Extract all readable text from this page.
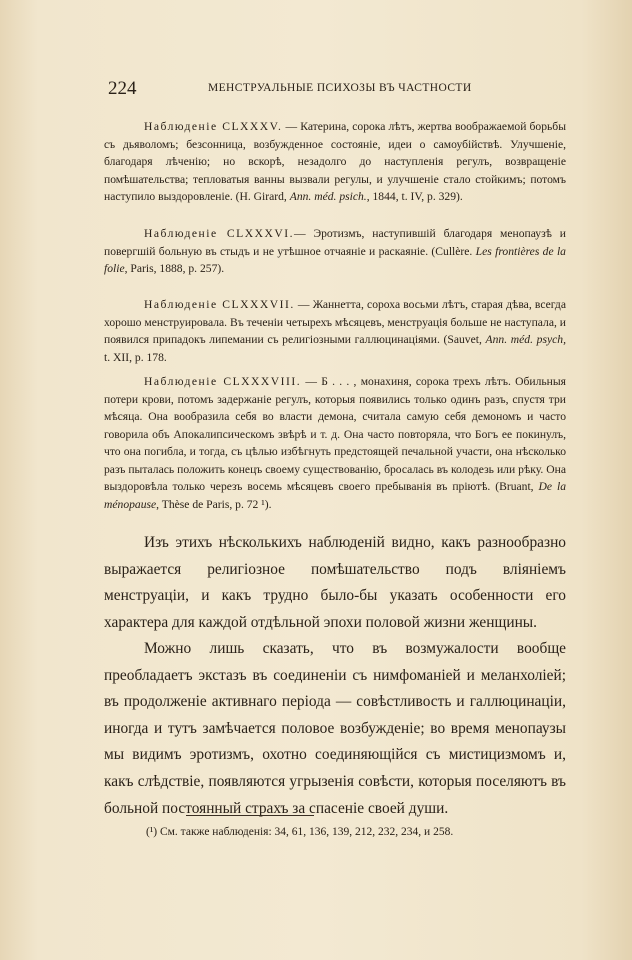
224	МЕНСТРУАЛЬНЫЕ ПСИХОЗЫ ВЪ ЧАСТНОСТИ

Наблюденie CLXXXV. — Катерина, сорока лѣтъ, жертва воображаемой борьбы съ дьяволомъ; безсонница, возбужденное состоянiе, идеи о самоубiйствѣ. Улучшенie, благодаря лѣченiю; но вскорѣ, незадолго до наступленiя регулъ, возвращенiе помѣшательства; тепловатыя ванны вызвали регулы, и улучшенiе стало стойкимъ; потомъ наступило выздоровленiе. (H. Girard, Ann. méd. psich., 1844, t. IV, p. 329).

Наблюденie CLXXXVI.— Эротизмъ, наступившiй благодаря менопаузѣ и повергшiй больную въ стыдъ и не утѣшное отчаянiе и раскаянiе. (Cullère. Les frontières de la folie, Paris, 1888, p. 257).

Наблюденie CLXXXVII. — Жаннетта, сороха восьми лѣтъ, старая дѣва, всегда хорошо менструировала. Въ теченiи четырехъ мѣсяцевъ, менструацiя больше не наступала, и появился припадокъ липемании съ религiозными галлюцинацiями. (Sauvet, Ann. méd. psych, t. XII, p. 178.

Наблюденie CLXXXVIII. — Б . . . , монахиня, сорока трехъ лѣтъ. Обильныя потери крови, потомъ задержанiе регулъ, которыя появились только одинъ разъ, спустя три мѣсяца. Она вообразила себя во власти демона, считала самую себя демономъ и часто говорила объ Апокалипсическомъ звѣрѣ и т. д. Она часто повторяла, что Богъ ее покинулъ, что она погибла, и тогда, съ цѣлью избѣгнуть предстоящей печальной участи, она нѣсколько разъ пыталась положить конецъ своему существованiю, бросалась въ колодезь или рѣку. Она выздоровѣла только черезъ восемь мѣсяцевъ своего пребыванiя въ прiютѣ. (Bruant, De la ménopause, Thèse de Paris, p. 72 ¹).

Изъ этихъ нѣсколькихъ наблюденiй видно, какъ разнообразно выражается религiозное помѣшательство подъ влiянiемъ менструацiи, и какъ трудно было-бы указать особенности его характера для каждой отдѣльной эпохи половой жизни женщины.

Можно лишь сказать, что въ возмужалости вообще преобладаетъ экстазъ въ соединенiи съ нимфоманiей и меланхолiей; въ продолженiе активнаго перiода — совѣстливость и галлюцинацiи, иногда и тутъ замѣчается половое возбужденiе; во время менопаузы мы видимъ эротизмъ, охотно соединяющiйся съ мистицизмомъ и, какъ слѣдствiе, появляются угрызенiя совѣсти, которыя поселяютъ въ больной постоянный страхъ за спасенiе своей души.

(¹) См. также наблюденiя: 34, 61, 136, 139, 212, 232, 234, и 258.
